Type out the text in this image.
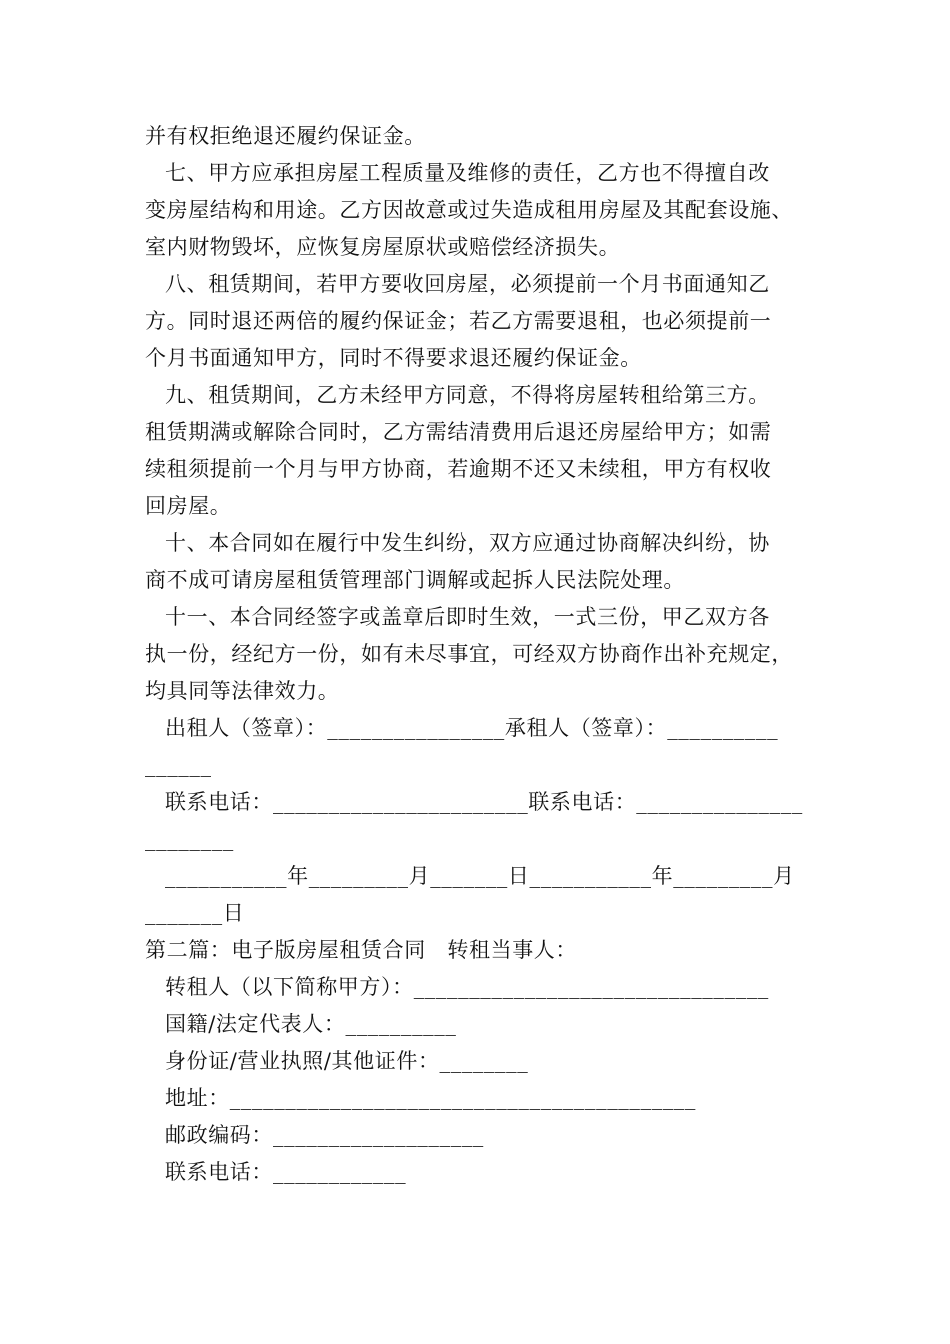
并有权拒绝退还履约保证金。
七、甲方应承担房屋工程质量及维修的责任，乙方也不得擅自改
变房屋结构和用途。乙方因故意或过失造成租用房屋及其配套设施、
室内财物毁坏，应恢复房屋原状或赔偿经济损失。
八、租赁期间，若甲方要收回房屋，必须提前一个月书面通知乙
方。同时退还两倍的履约保证金；若乙方需要退租，也必须提前一
个月书面通知甲方，同时不得要求退还履约保证金。
九、租赁期间，乙方未经甲方同意，不得将房屋转租给第三方。
租赁期满或解除合同时，乙方需结清费用后退还房屋给甲方；如需
续租须提前一个月与甲方协商，若逾期不还又未续租，甲方有权收
回房屋。
十、本合同如在履行中发生纠纷，双方应通过协商解决纠纷，协
商不成可请房屋租赁管理部门调解或起拆人民法院处理。
十一、本合同经签字或盖章后即时生效，一式三份，甲乙双方各
执一份，经纪方一份，如有未尽事宜，可经双方协商作出补充规定，
均具同等法律效力。
出租人（签章）：________________承租人（签章）：__________
______
联系电话：_______________________联系电话：_______________
________
___________年_________月_______日___________年_________月
_______日
第二篇：电子版房屋租赁合同　转租当事人：
转租人（以下简称甲方）：________________________________
国籍/法定代表人：__________
身份证/营业执照/其他证件：________
地址：__________________________________________
邮政编码：___________________
联系电话：____________
